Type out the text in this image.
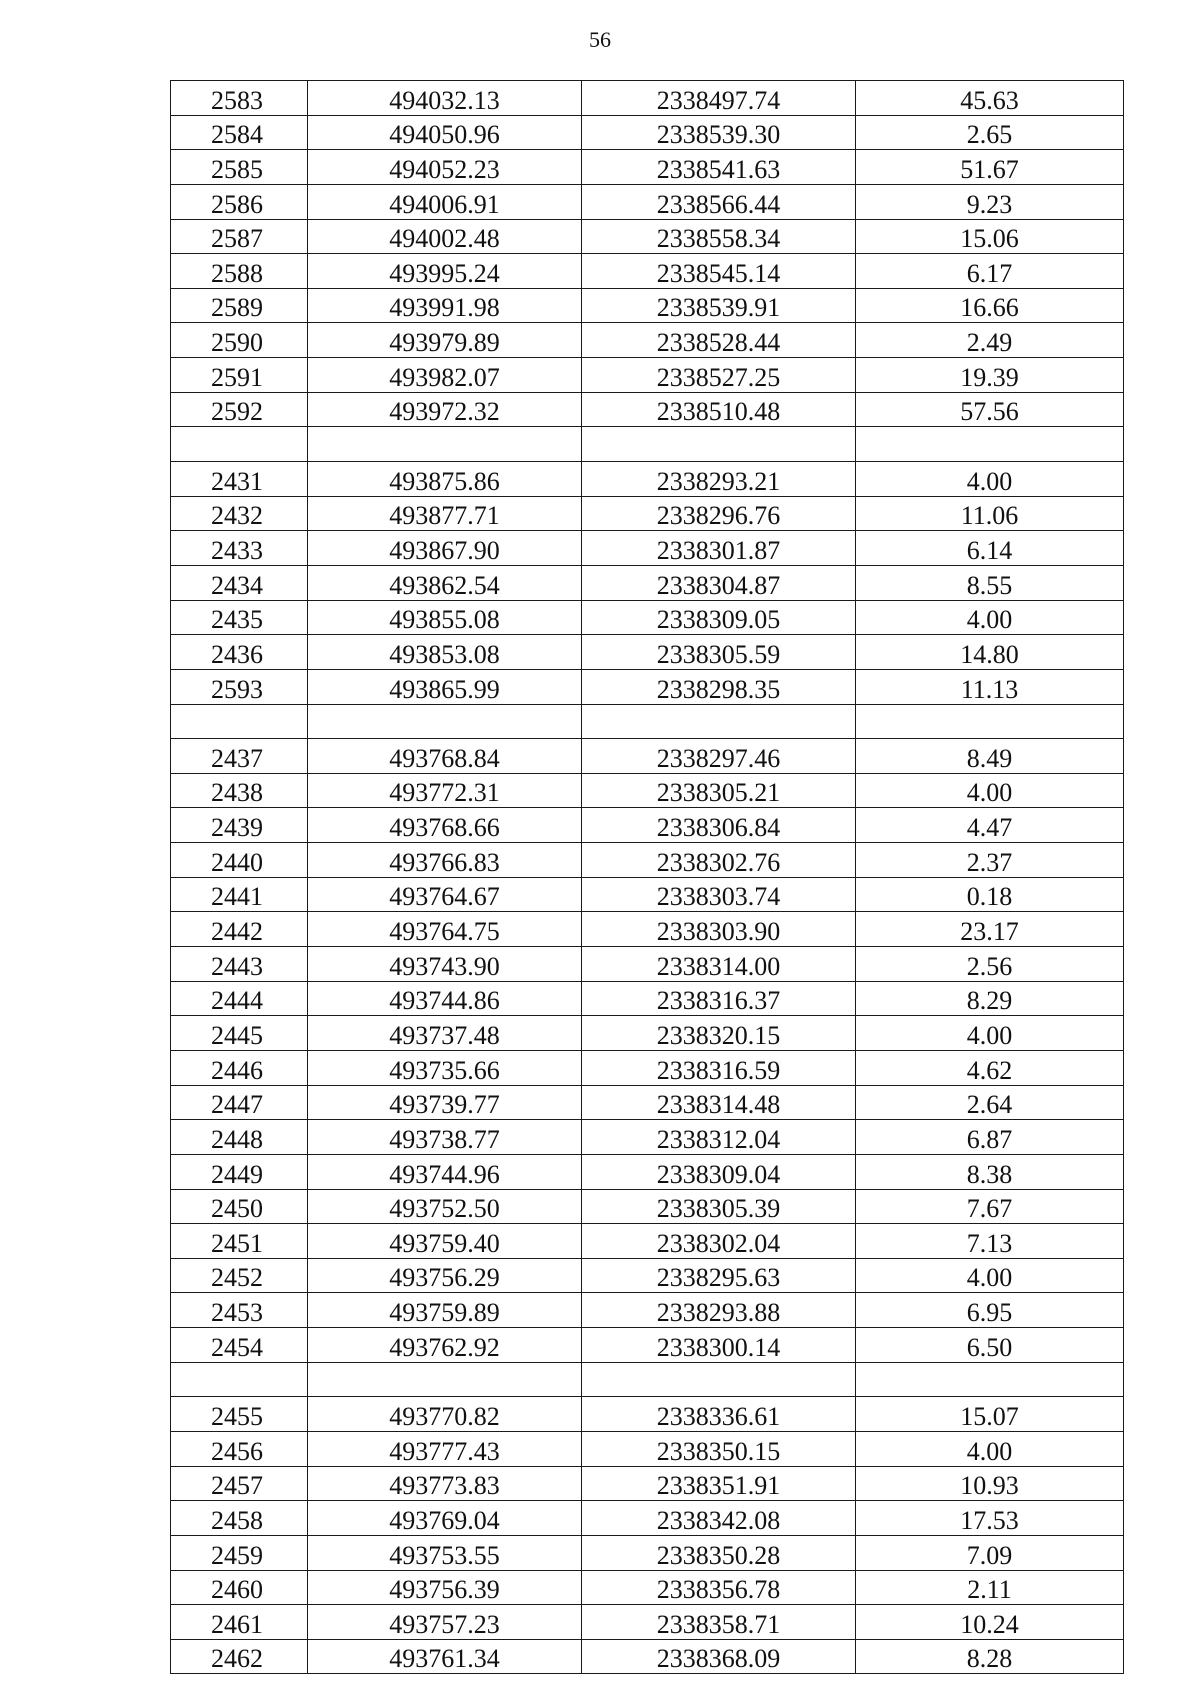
56
2583	494032.13	2338497.74	45.63
2584	494050.96	2338539.30	2.65
2585	494052.23	2338541.63	51.67
2586	494006.91	2338566.44	9.23
2587	494002.48	2338558.34	15.06
2588	493995.24	2338545.14	6.17
2589	493991.98	2338539.91	16.66
2590	493979.89	2338528.44	2.49
2591	493982.07	2338527.25	19.39
2592	493972.32	2338510.48	57.56

2431	493875.86	2338293.21	4.00
2432	493877.71	2338296.76	11.06
2433	493867.90	2338301.87	6.14
2434	493862.54	2338304.87	8.55
2435	493855.08	2338309.05	4.00
2436	493853.08	2338305.59	14.80
2593	493865.99	2338298.35	11.13

2437	493768.84	2338297.46	8.49
2438	493772.31	2338305.21	4.00
2439	493768.66	2338306.84	4.47
2440	493766.83	2338302.76	2.37
2441	493764.67	2338303.74	0.18
2442	493764.75	2338303.90	23.17
2443	493743.90	2338314.00	2.56
2444	493744.86	2338316.37	8.29
2445	493737.48	2338320.15	4.00
2446	493735.66	2338316.59	4.62
2447	493739.77	2338314.48	2.64
2448	493738.77	2338312.04	6.87
2449	493744.96	2338309.04	8.38
2450	493752.50	2338305.39	7.67
2451	493759.40	2338302.04	7.13
2452	493756.29	2338295.63	4.00
2453	493759.89	2338293.88	6.95
2454	493762.92	2338300.14	6.50

2455	493770.82	2338336.61	15.07
2456	493777.43	2338350.15	4.00
2457	493773.83	2338351.91	10.93
2458	493769.04	2338342.08	17.53
2459	493753.55	2338350.28	7.09
2460	493756.39	2338356.78	2.11
2461	493757.23	2338358.71	10.24
2462	493761.34	2338368.09	8.28
